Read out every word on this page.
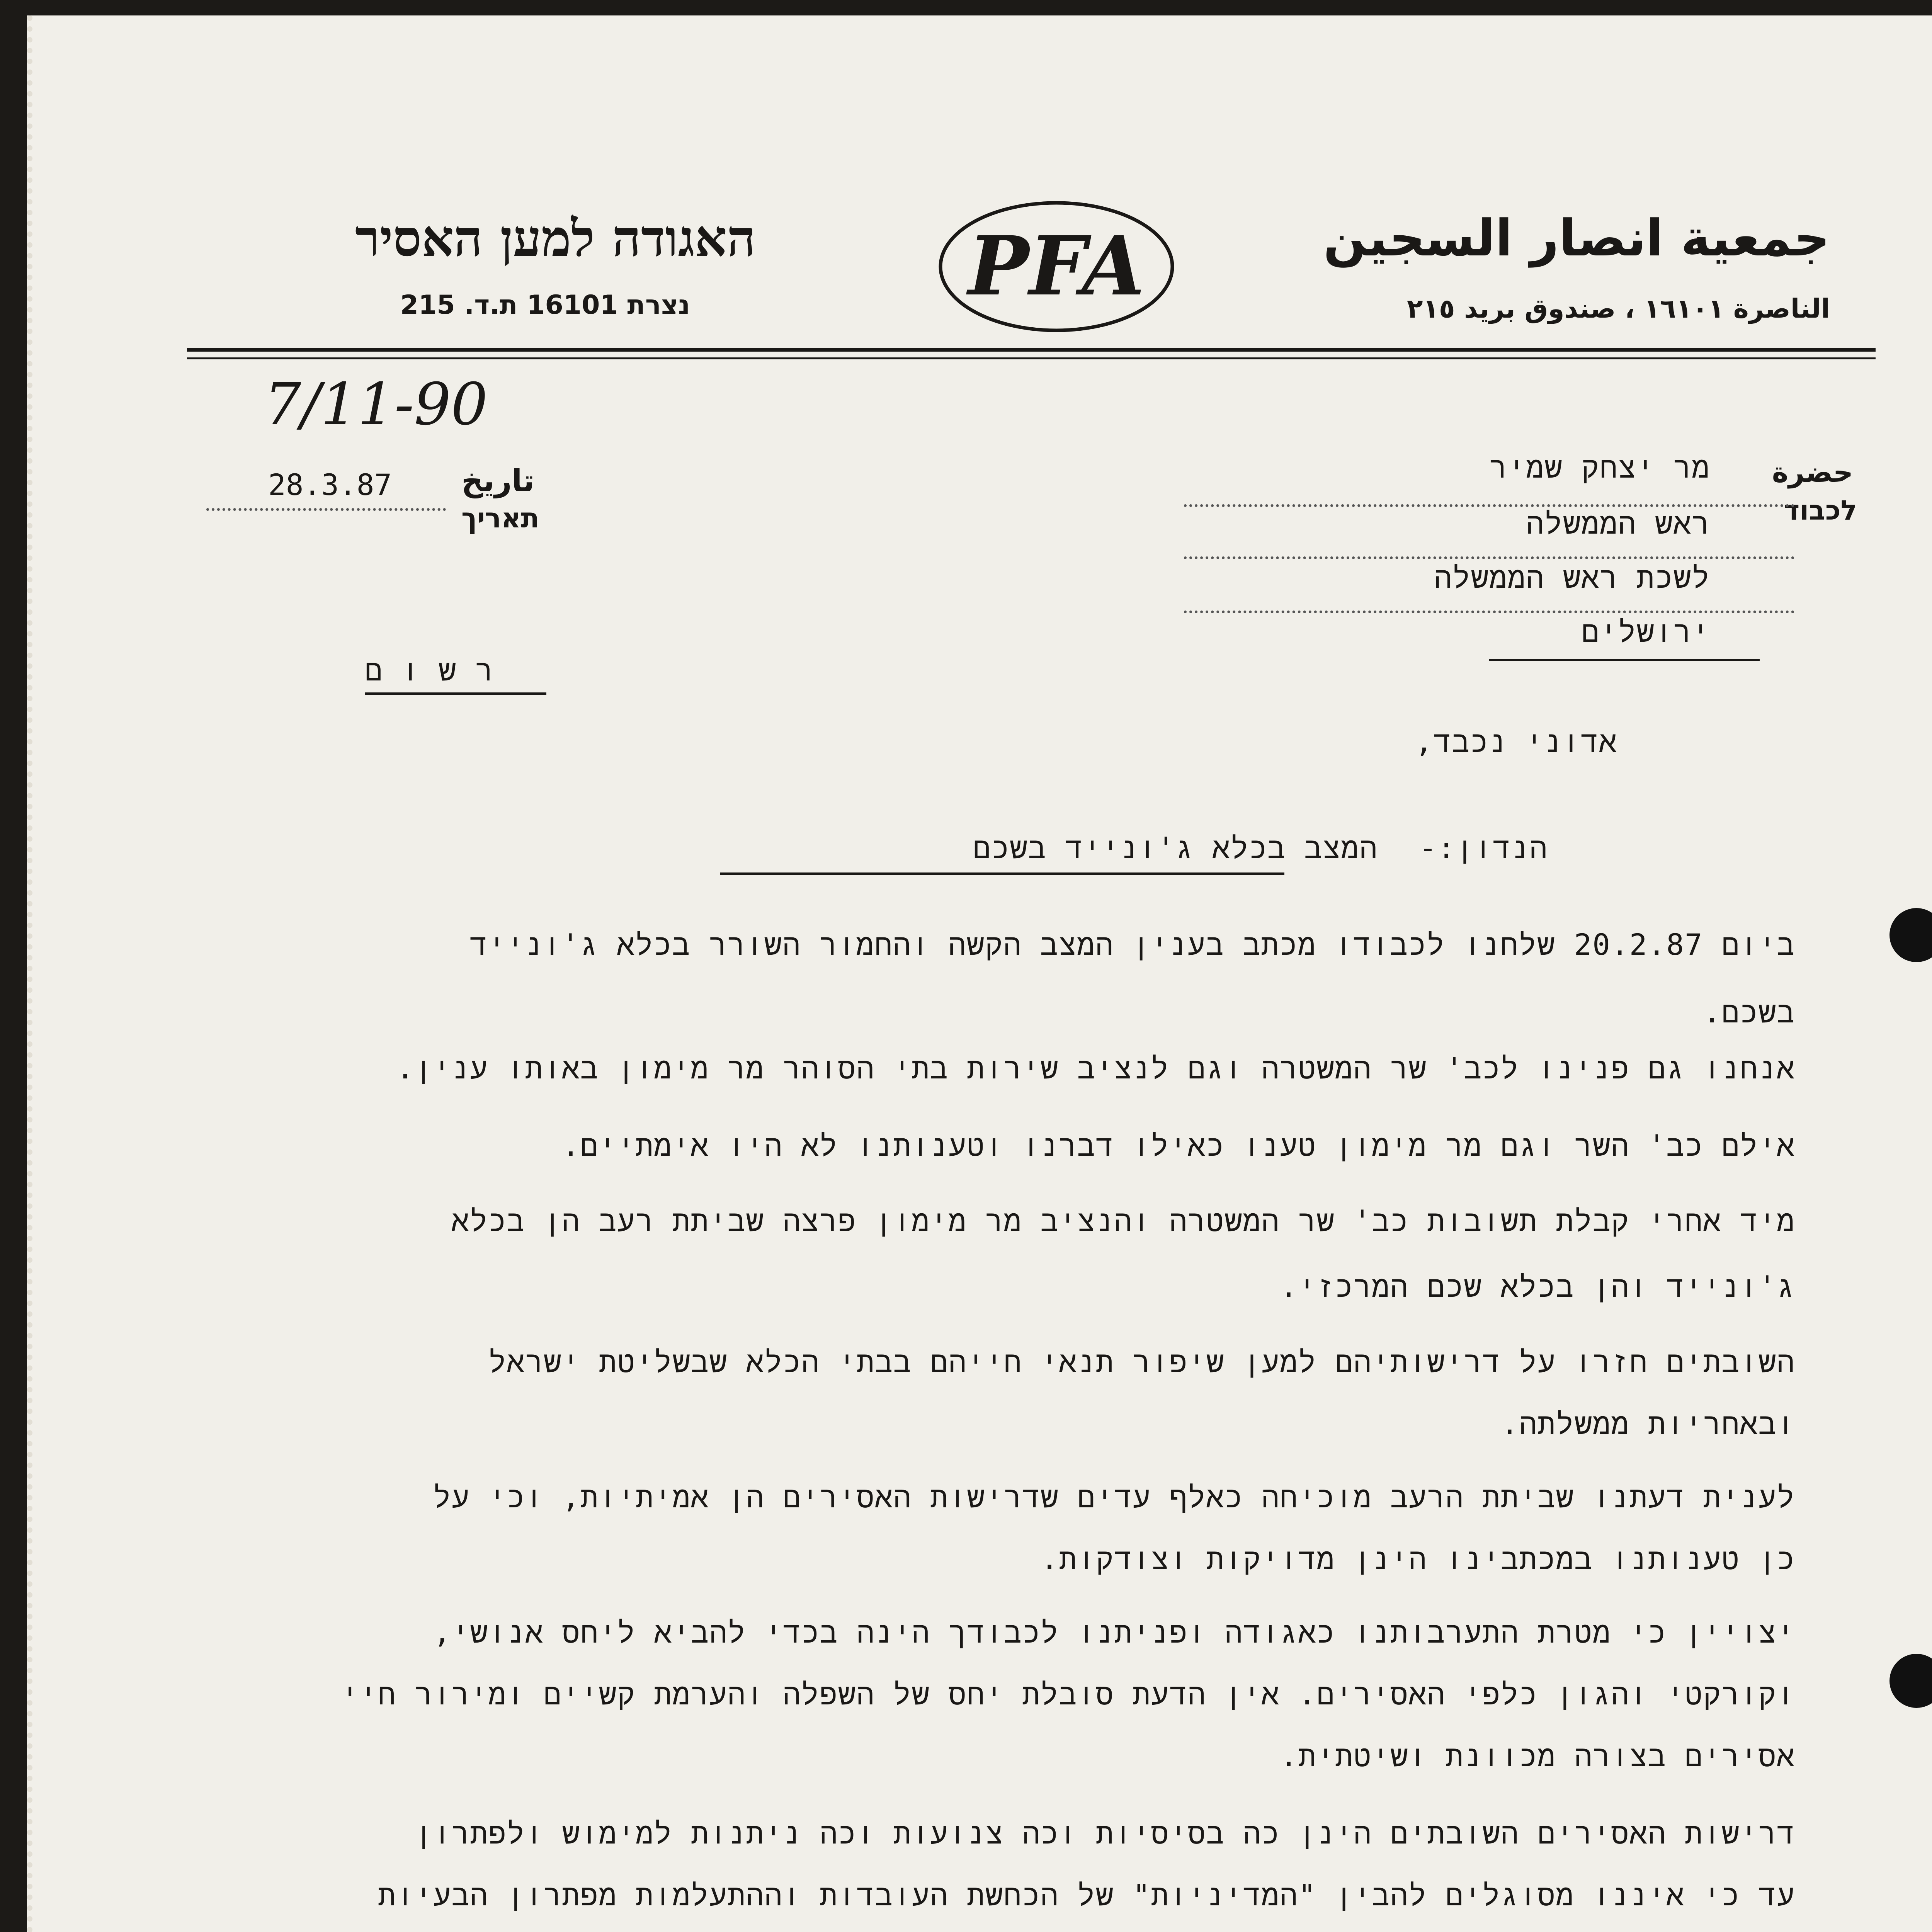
האגודה למען האסיר
נצרת 16101 ת.ד. 215	PFA	جمعية انصار السجين
الناصرة ١٦١٠١ ، صندوق بريد ٢١٥
7/11-90
28.3.87 تاريخ
תאריך
حضرة
לכבוד
מר יצחק שמיר
ראש הממשלה
לשכת ראש הממשלה
ירושלים
ר ש ו ם
אדוני נכבד,
הנדון:-
המצב בכלא ג'ונייד בשכם
ביום 20.2.87 שלחנו לכבודו מכתב בענין המצב הקשה והחמור השורר בכלא ג'ונייד
בשכם.
אנחנו גם פנינו לכב' שר המשטרה וגם לנציב שירות בתי הסוהר מר מימון באותו ענין.
אילם כב' השר וגם מר מימון טענו כאילו דברנו וטענותנו לא היו אימתיים.
מיד אחרי קבלת תשובות כב' שר המשטרה והנציב מר מימון פרצה שביתת רעב הן בכלא
ג'ונייד והן בכלא שכם המרכזי.
השובתים חזרו על דרישותיהם למען שיפור תנאי חייהם בבתי הכלא שבשליטת ישראל
ובאחריות ממשלתה.
לענית דעתנו שביתת הרעב מוכיחה כאלף עדים שדרישות האסירים הן אמיתיות, וכי על
כן טענותנו במכתבינו הינן מדויקות וצודקות.
יצויין כי מטרת התערבותנו כאגודה ופניתנו לכבודך הינה בכדי להביא ליחס אנושי,
וקורקטי והגון כלפי האסירים. אין הדעת סובלת יחס של השפלה והערמת קשיים ומירור חיי
אסירים בצורה מכוונת ושיטתית.
דרישות האסירים השובתים הינן כה בסיסיות וכה צנועות וכה ניתנות למימוש ולפתרון
עד כי איננו מסוגלים להבין "המדיניות" של הכחשת העובדות וההתעלמות מפתרון הבעיות
